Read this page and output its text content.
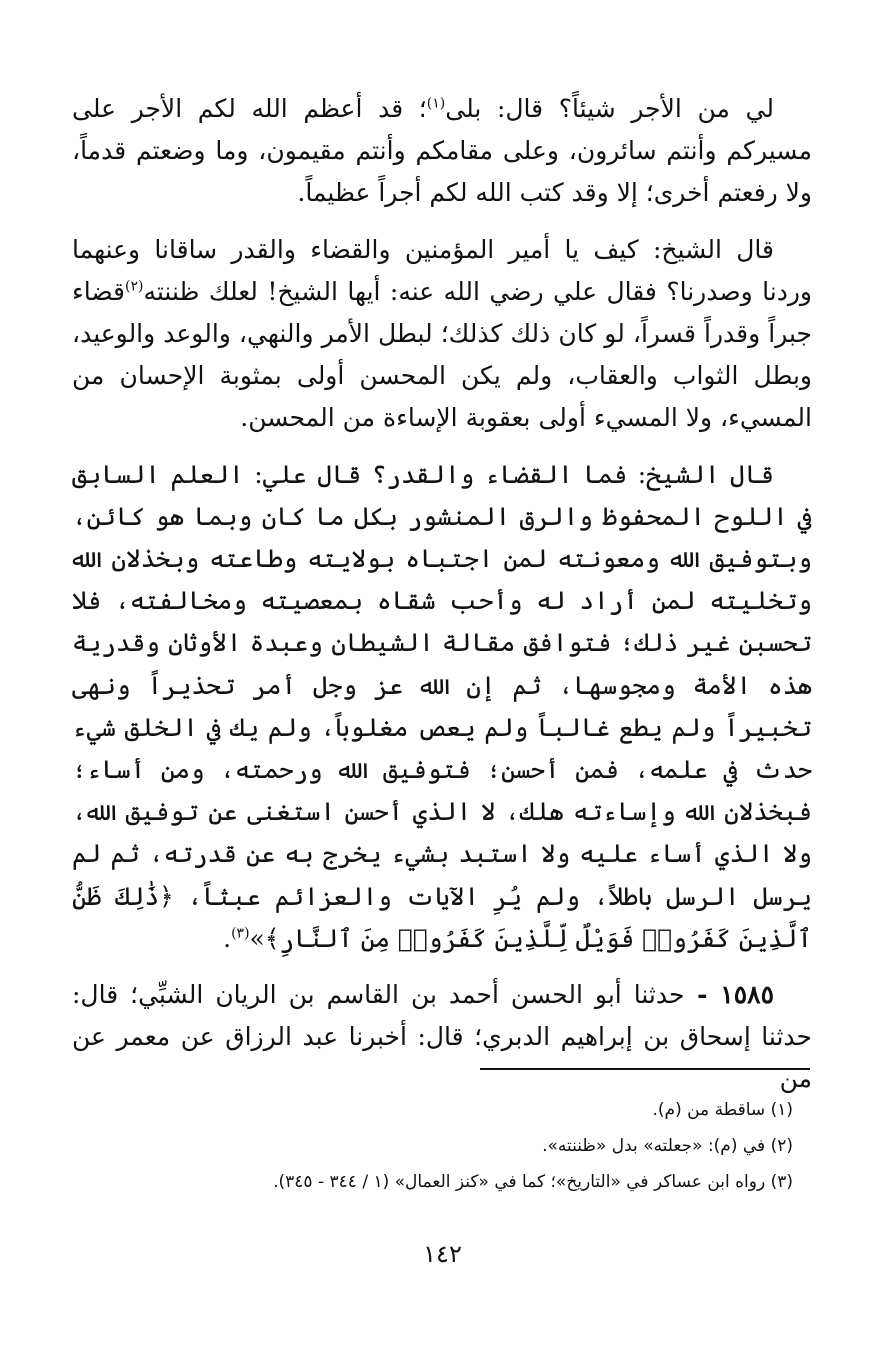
لي من الأجر شيئاً؟ قال: بلى$^{(١)}$؛ قد أعظم الله لكم الأجر على مسيركم وأنتم سائرون، وعلى مقامكم وأنتم مقيمون، وما وضعتم قدماً، ولا رفعتم أخرى؛ إلا وقد كتب الله لكم أجراً عظيماً.

قال الشيخ: كيف يا أمير المؤمنين والقضاء والقدر ساقانا وعنهما وردنا وصدرنا؟ فقال علي رضي الله عنه: أيها الشيخ! لعلك ظننته$^{(٢)}$قضاء جبراً وقدراً قسراً، لو كان ذلك كذلك؛ لبطل الأمر والنهي، والوعد والوعيد، وبطل الثواب والعقاب، ولم يكن المحسن أولى بمثوبة الإحسان من المسيء، ولا المسيء أولى بعقوبة الإساءة من المحسن.

قال الشيخ: فما القضاء والقدر؟ قال علي: العلم السابق في اللوح المحفوظ والرق المنشور بكل ما كان وبما هو كائن، وبتوفيق الله ومعونته لمن اجتباه بولايته وطاعته وبخذلان الله وتخليته لمن أراد له وأحب شقاه بمعصيته ومخالفته، فلا تحسبن غير ذلك؛ فتوافق مقالة الشيطان وعبدة الأوثان وقدرية هذه الأمة ومجوسها، ثم إن الله عز وجل أمر تحذيراً ونهى تخبيراً ولم يطع غالباً ولم يعص مغلوباً، ولم يك في الخلق شيء حدث في علمه، فمن أحسن؛ فتوفيق الله ورحمته، ومن أساء؛ فبخذلان الله وإساءته هلك، لا الذي أحسن استغنى عن توفيق الله، ولا الذي أساء عليه ولا استبد بشيء يخرج به عن قدرته، ثم لم يرسل الرسل باطلاً، ولم يُرِ الآيات والعزائم عبثاً، ﴿ذَٰلِكَ ظَنُّ ٱلَّذِينَ كَفَرُوا۟ فَوَيْلٌ لِّلَّذِينَ كَفَرُوا۟ مِنَ ٱلنَّارِ﴾»$^{(٣)}$.

١٥٨٥ - حدثنا أبو الحسن أحمد بن القاسم بن الريان الشبِّي؛ قال: حدثنا إسحاق بن إبراهيم الدبري؛ قال: أخبرنا عبد الرزاق عن معمر عن من

(١) ساقطة من (م).

(٢) في (م): «جعلته» بدل «ظننته».

(٣) رواه ابن عساكر في «التاريخ»؛ كما في «كنز العمال» (١ / ٣٤٤ - ٣٤٥).

١٤٢
